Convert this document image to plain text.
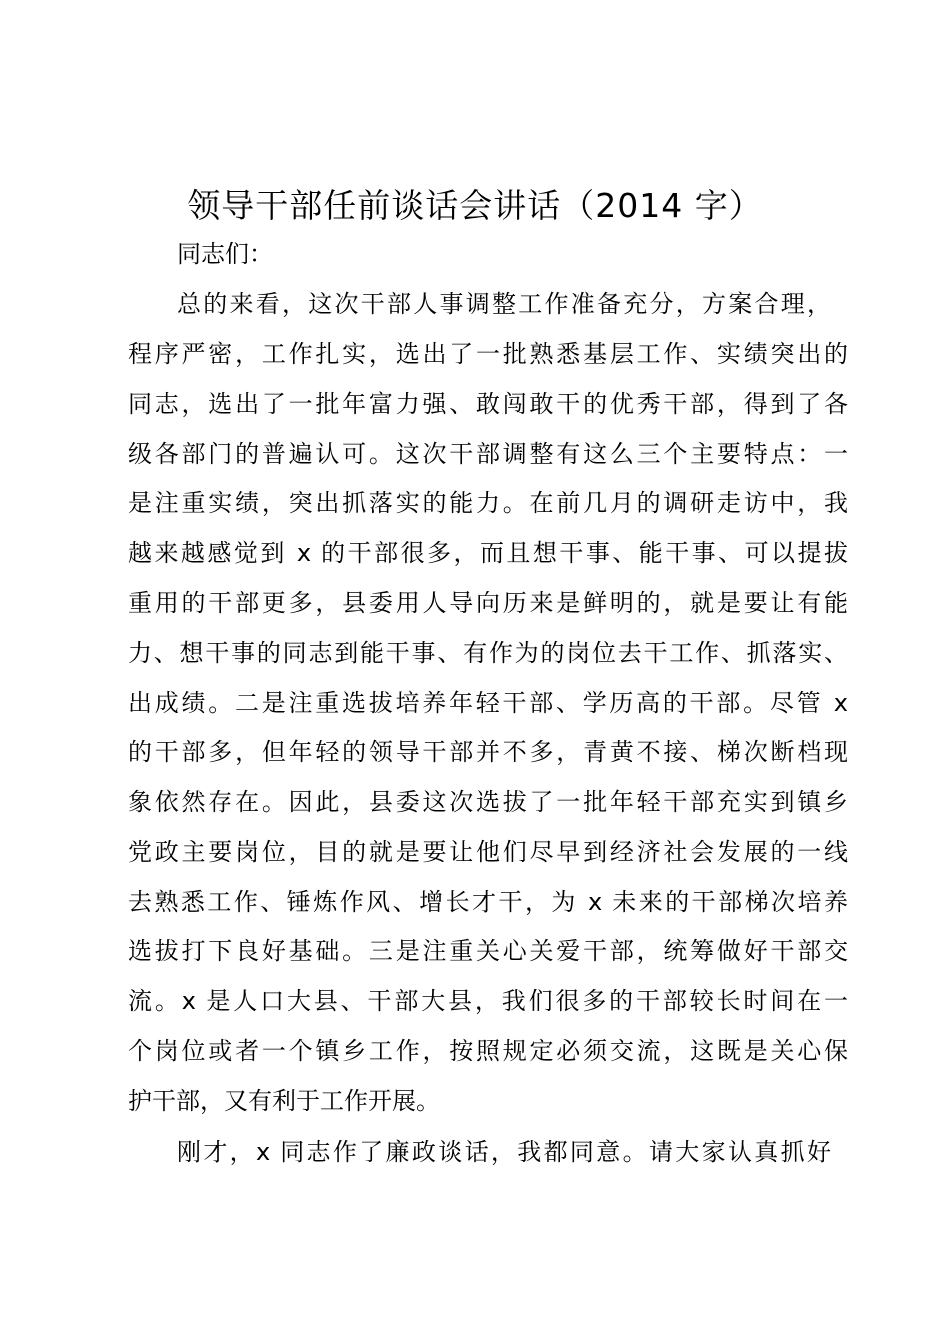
领导干部任前谈话会讲话（2014 字）

同志们：

总的来看，这次干部人事调整工作准备充分，方案合理，

程序严密，工作扎实，选出了一批熟悉基层工作、实绩突出的

同志，选出了一批年富力强、敢闯敢干的优秀干部，得到了各

级各部门的普遍认可。这次干部调整有这么三个主要特点：一

是注重实绩，突出抓落实的能力。在前几月的调研走访中，我

越来越感觉到 x 的干部很多，而且想干事、能干事、可以提拔

重用的干部更多，县委用人导向历来是鲜明的，就是要让有能

力、想干事的同志到能干事、有作为的岗位去干工作、抓落实、

出成绩。二是注重选拔培养年轻干部、学历高的干部。尽管 x

的干部多，但年轻的领导干部并不多，青黄不接、梯次断档现

象依然存在。因此，县委这次选拔了一批年轻干部充实到镇乡

党政主要岗位，目的就是要让他们尽早到经济社会发展的一线

去熟悉工作、锤炼作风、增长才干，为 x 未来的干部梯次培养

选拔打下良好基础。三是注重关心关爱干部，统筹做好干部交

流。x 是人口大县、干部大县，我们很多的干部较长时间在一

个岗位或者一个镇乡工作，按照规定必须交流，这既是关心保

护干部，又有利于工作开展。

刚才，x 同志作了廉政谈话，我都同意。请大家认真抓好
